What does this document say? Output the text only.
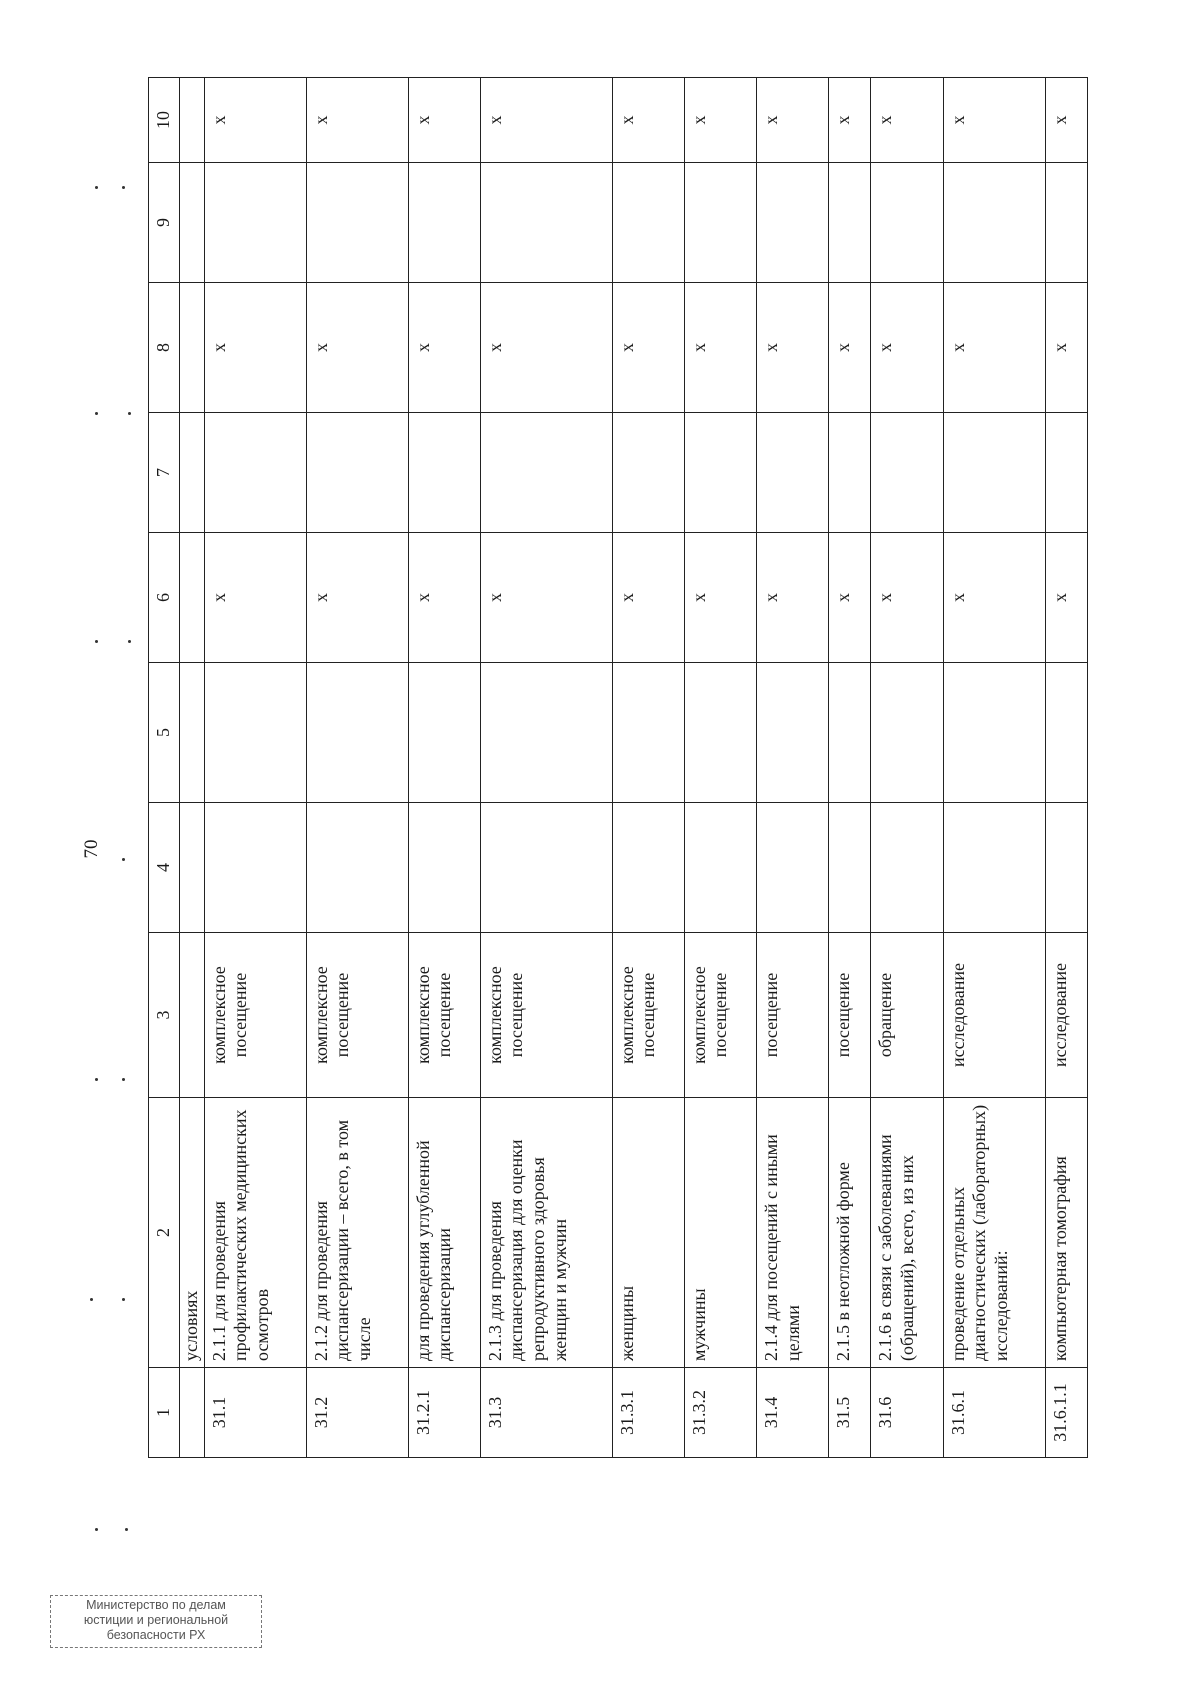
70
1	2	3	4	5	6	7	8	9	10
	условиях								
31.1	2.1.1 для проведения профилактических медицинских осмотров	комплексное посещение			х		х		х
31.2	2.1.2 для проведения диспансеризации – всего, в том числе	комплексное посещение			х		х		х
31.2.1	для проведения углубленной диспансеризации	комплексное посещение			х		х		х
31.3	2.1.3 для проведения диспансеризация для оценки репродуктивного здоровья женщин и мужчин	комплексное посещение			х		х		х
31.3.1	женщины	комплексное посещение			х		х		х
31.3.2	мужчины	комплексное посещение			х		х		х
31.4	2.1.4 для посещений с иными целями	посещение			х		х		х
31.5	2.1.5 в неотложной форме	посещение			х		х		х
31.6	2.1.6 в связи с заболеваниями (обращений), всего, из них	обращение			х		х		х
31.6.1	проведение отдельных диагностических (лабораторных) исследований:	исследование			х		х		х
31.6.1.1	компьютерная томография	исследование			х		х		х
Министерство по делам
юстиции и региональной
безопасности РХ
